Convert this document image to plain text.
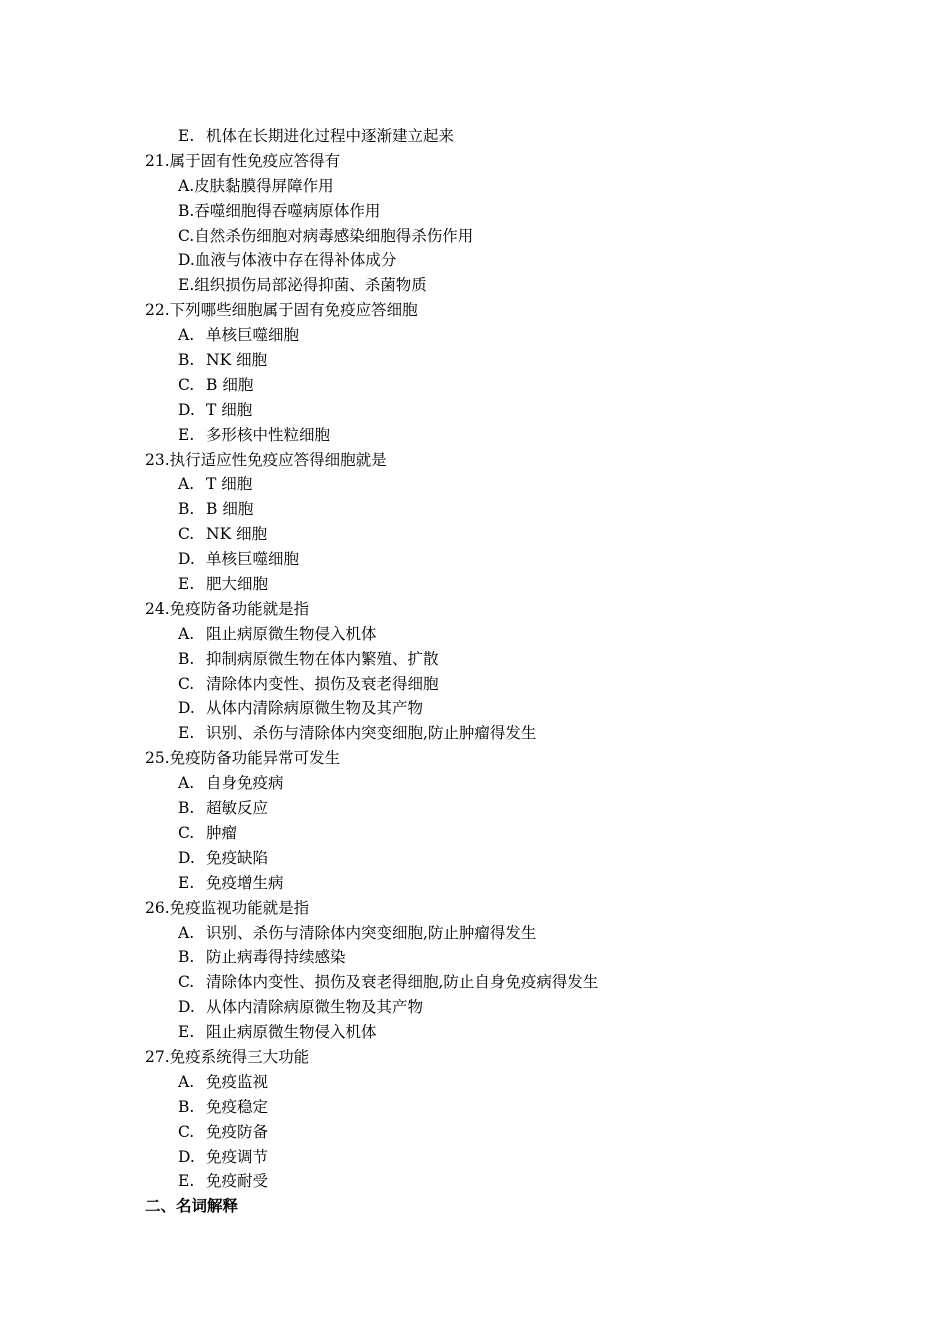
E. 机体在长期进化过程中逐渐建立起来
21.属于固有性免疫应答得有
A.皮肤黏膜得屏障作用
B.吞噬细胞得吞噬病原体作用
C.自然杀伤细胞对病毒感染细胞得杀伤作用
D.血液与体液中存在得补体成分
E.组织损伤局部泌得抑菌、杀菌物质
22.下列哪些细胞属于固有免疫应答细胞
A. 单核巨噬细胞
B. NK 细胞
C. B 细胞
D. T 细胞
E. 多形核中性粒细胞
23.执行适应性免疫应答得细胞就是
A. T 细胞
B. B 细胞
C. NK 细胞
D. 单核巨噬细胞
E. 肥大细胞
24.免疫防备功能就是指
A. 阻止病原微生物侵入机体
B. 抑制病原微生物在体内繁殖、扩散
C. 清除体内变性、损伤及衰老得细胞
D. 从体内清除病原微生物及其产物
E. 识别、杀伤与清除体内突变细胞,防止肿瘤得发生
25.免疫防备功能异常可发生
A. 自身免疫病
B. 超敏反应
C. 肿瘤
D. 免疫缺陷
E. 免疫增生病
26.免疫监视功能就是指
A. 识别、杀伤与清除体内突变细胞,防止肿瘤得发生
B. 防止病毒得持续感染
C. 清除体内变性、损伤及衰老得细胞,防止自身免疫病得发生
D. 从体内清除病原微生物及其产物
E. 阻止病原微生物侵入机体
27.免疫系统得三大功能
A. 免疫监视
B. 免疫稳定
C. 免疫防备
D. 免疫调节
E. 免疫耐受
二、名词解释
